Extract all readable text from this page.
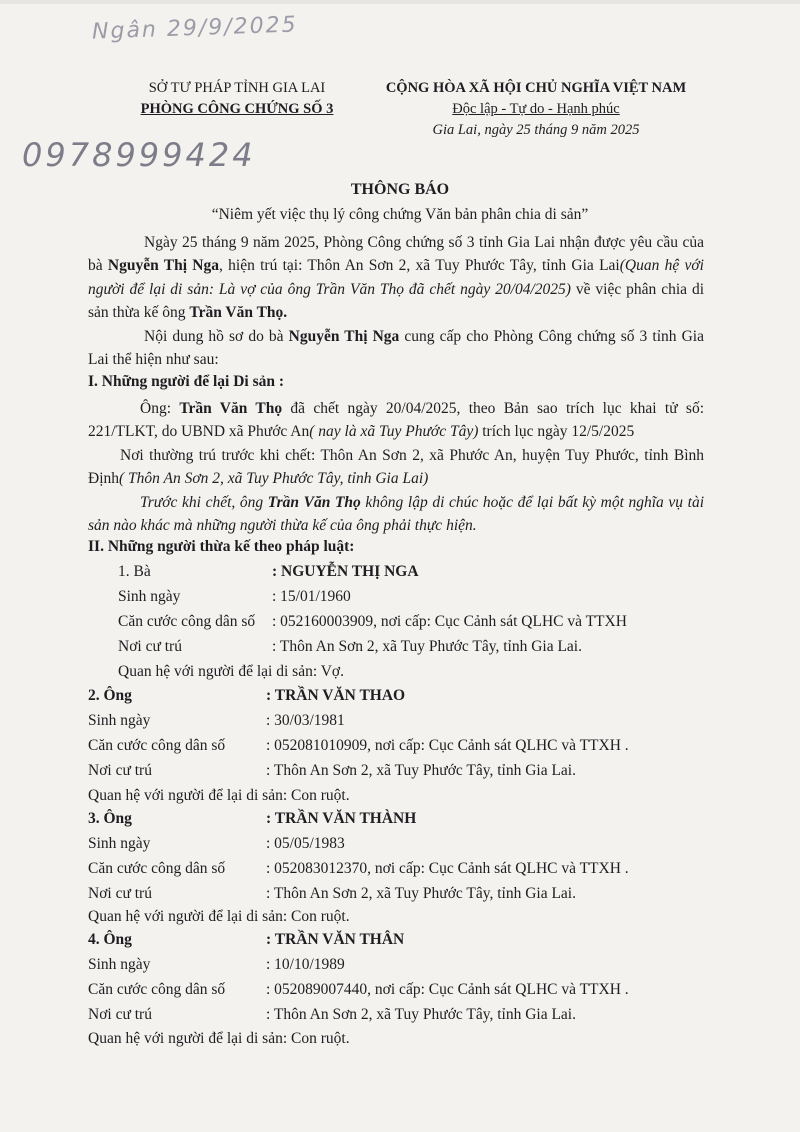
Ngân 29/9/2025
0978999424
SỞ TƯ PHÁP TỈNH GIA LAI
PHÒNG CÔNG CHỨNG SỐ 3
CỘNG HÒA XÃ HỘI CHỦ NGHĨA VIỆT NAM
Độc lập - Tự do - Hạnh phúc
Gia Lai, ngày 25 tháng 9 năm 2025
THÔNG BÁO
“Niêm yết việc thụ lý công chứng Văn bản phân chia di sản”
Ngày 25 tháng 9 năm 2025, Phòng Công chứng số 3 tỉnh Gia Lai nhận được yêu cầu của bà Nguyễn Thị Nga, hiện trú tại: Thôn An Sơn 2, xã Tuy Phước Tây, tỉnh Gia Lai(Quan hệ với người để lại di sản: Là vợ của ông Trần Văn Thọ đã chết ngày 20/04/2025) về việc phân chia di sản thừa kế ông Trần Văn Thọ.
Nội dung hồ sơ do bà Nguyễn Thị Nga cung cấp cho Phòng Công chứng số 3 tỉnh Gia Lai thể hiện như sau:
I. Những người để lại Di sản :
Ông: Trần Văn Thọ đã chết ngày 20/04/2025, theo Bản sao trích lục khai tử số: 221/TLKT, do UBND xã Phước An( nay là xã Tuy Phước Tây) trích lục ngày 12/5/2025
Nơi thường trú trước khi chết: Thôn An Sơn 2, xã Phước An, huyện Tuy Phước, tỉnh Bình Định( Thôn An Sơn 2, xã Tuy Phước Tây, tỉnh Gia Lai)
Trước khi chết, ông Trần Văn Thọ không lập di chúc hoặc để lại bất kỳ một nghĩa vụ tài sản nào khác mà những người thừa kế của ông phải thực hiện.
II. Những người thừa kế theo pháp luật:
1. Bà	: NGUYỄN THỊ NGA
Sinh ngày	: 15/01/1960
Căn cước công dân số : 052160003909, nơi cấp: Cục Cảnh sát QLHC và TTXH
Nơi cư trú	: Thôn An Sơn 2, xã Tuy Phước Tây, tỉnh Gia Lai.
Quan hệ với người để lại di sản: Vợ.
2. Ông	: TRẦN VĂN THAO
Sinh ngày	: 30/03/1981
Căn cước công dân số	: 052081010909, nơi cấp: Cục Cảnh sát QLHC và TTXH .
Nơi cư trú	: Thôn An Sơn 2, xã Tuy Phước Tây, tỉnh Gia Lai.
Quan hệ với người để lại di sản: Con ruột.
3. Ông	: TRẦN VĂN THÀNH
Sinh ngày	: 05/05/1983
Căn cước công dân số	: 052083012370, nơi cấp: Cục Cảnh sát QLHC và TTXH .
Nơi cư trú	: Thôn An Sơn 2, xã Tuy Phước Tây, tỉnh Gia Lai.
Quan hệ với người để lại di sản: Con ruột.
4. Ông	: TRẦN VĂN THÂN
Sinh ngày	: 10/10/1989
Căn cước công dân số	: 052089007440, nơi cấp: Cục Cảnh sát QLHC và TTXH .
Nơi cư trú	: Thôn An Sơn 2, xã Tuy Phước Tây, tỉnh Gia Lai.
Quan hệ với người để lại di sản: Con ruột.
